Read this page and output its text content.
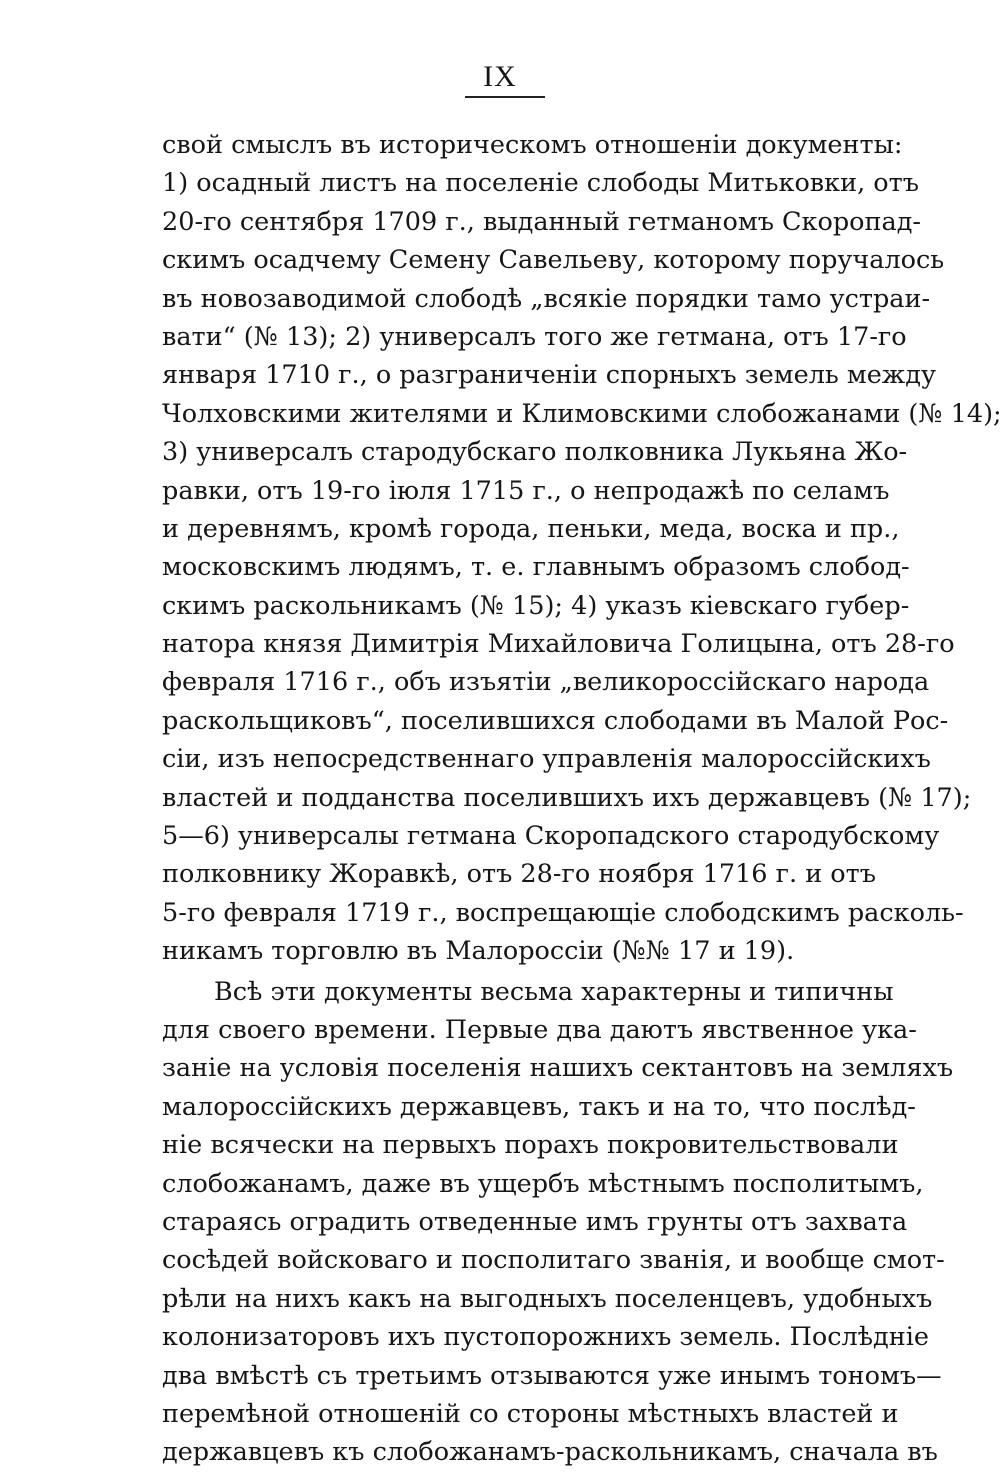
IX
свой смыслъ въ историческомъ отношеніи документы:
1) осадный листъ на поселеніе слободы Митьковки, отъ
20-го сентября 1709 г., выданный гетманомъ Скоропад-
скимъ осадчему Семену Савельеву, которому поручалось
въ новозаводимой слободѣ „всякіе порядки тамо устраи-
вати“ (№ 13); 2) универсалъ того же гетмана, отъ 17-го
января 1710 г., о разграниченіи спорныхъ земель между
Чолховскими жителями и Климовскими слобожанами (№ 14);
3) универсалъ стародубскаго полковника Лукьяна Жо-
равки, отъ 19-го іюля 1715 г., о непродажѣ по селамъ
и деревнямъ, кромѣ города, пеньки, меда, воска и пр.,
московскимъ людямъ, т. е. главнымъ образомъ слобод-
скимъ раскольникамъ (№ 15); 4) указъ кіевскаго губер-
натора князя Димитрія Михайловича Голицына, отъ 28-го
февраля 1716 г., объ изъятіи „великороссійскаго народа
раскольщиковъ“, поселившихся слободами въ Малой Рос-
сіи, изъ непосредственнаго управленія малороссійскихъ
властей и подданства поселившихъ ихъ державцевъ (№ 17);
5—6) универсалы гетмана Скоропадского стародубскому
полковнику Жоравкѣ, отъ 28-го ноября 1716 г. и отъ
5-го февраля 1719 г., воспрещающіе слободскимъ расколь-
никамъ торговлю въ Малороссіи (№№ 17 и 19).
Всѣ эти документы весьма характерны и типичны
для своего времени. Первые два даютъ явственное ука-
заніе на условія поселенія нашихъ сектантовъ на земляхъ
малороссійскихъ державцевъ, такъ и на то, что послѣд-
ніе всячески на первыхъ порахъ покровительствовали
слобожанамъ, даже въ ущербъ мѣстнымъ посполитымъ,
стараясь оградить отведенные имъ грунты отъ захвата
сосѣдей войсковаго и посполитаго званія, и вообще смот-
рѣли на нихъ какъ на выгодныхъ поселенцевъ, удобныхъ
колонизаторовъ ихъ пустопорожнихъ земель. Послѣдніе
два вмѣстѣ съ третьимъ отзываются уже инымъ тономъ—
перемѣной отношеній со стороны мѣстныхъ властей и
державцевъ къ слобожанамъ-раскольникамъ, сначала въ
